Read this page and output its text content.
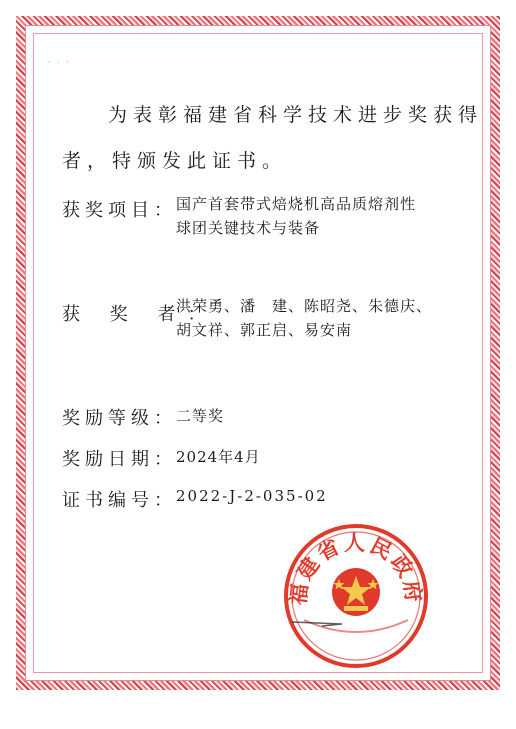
· · ·
为表彰福建省科学技术进步奖获得
者，特颁发此证书。
获奖项目： 国产首套带式焙烧机高品质熔剂性
球团关键技术与装备
获 奖 者：
洪荣勇、潘　建、陈昭尧、朱德庆、
胡文祥、郭正启、易安南
奖励等级： 二等奖
奖励日期： 2024年4月
证书编号： 2022-J-2-035-02
福建省人民政府
